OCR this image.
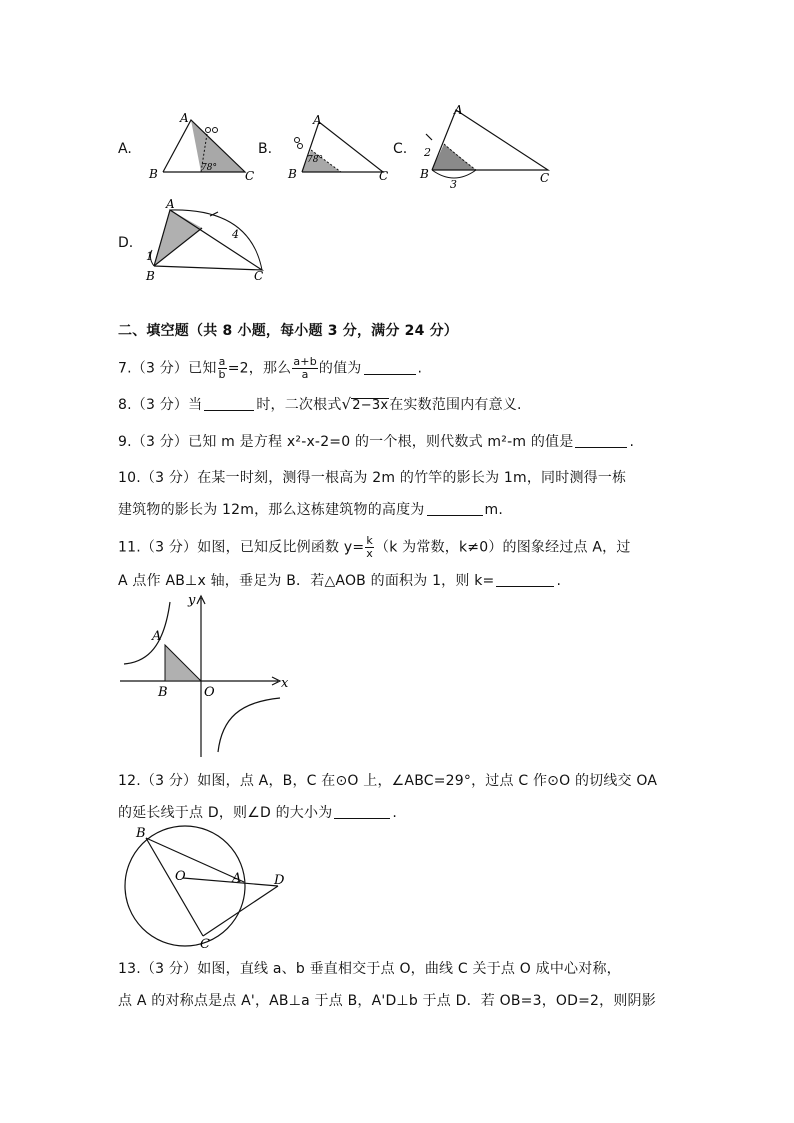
A.
A
B	C
78°
B.
A
B	C
78°
C.
A
B	C
2
3
D.
A
B	C
1
4
二、填空题（共 8 小题，每小题 3 分，满分 24 分）
7.（3 分）已知 $\frac{a}{b} =2$，那么 $\frac{a+b}{a}$ 的值为	.
8.（3 分）当	时，二次根式√2−3x在实数范围内有意义.
9.（3 分）已知 m 是方程 x²-x-2=0 的一个根，则代数式 m²-m 的值是	.
10.（3 分）在某一时刻，测得一根高为 2m 的竹竿的影长为 1m，同时测得一栋
建筑物的影长为 12m，那么这栋建筑物的高度为	m.
11.（3 分）如图，已知反比例函数 $y= \frac{k}{x} (k$ 为常数，k≠0）的图象经过点 A，过
A 点作 AB⊥x 轴，垂足为 B．若△AOB 的面积为 1，则 k=	.
y
x
A
B	O
12.（3 分）如图，点 A，B，C 在⊙O 上，∠ABC=29°，过点 C 作⊙O 的切线交 OA
的延长线于点 D，则∠D 的大小为	.
B
O	A	D
C
13.（3 分）如图，直线 a、b 垂直相交于点 O，曲线 C 关于点 O 成中心对称，
点 A 的对称点是点 A'，AB⊥a 于点 B，A'D⊥b 于点 D．若 OB=3，OD=2，则阴影
